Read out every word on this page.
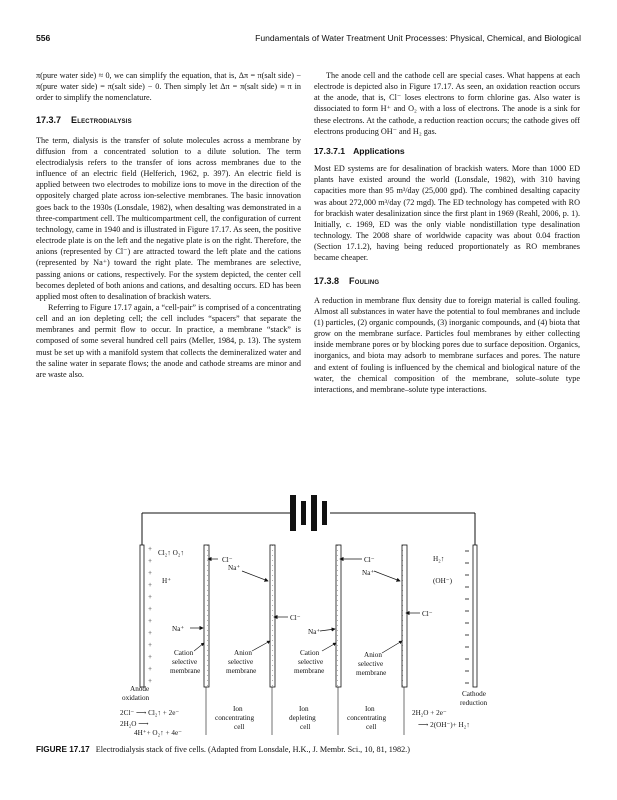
556	Fundamentals of Water Treatment Unit Processes: Physical, Chemical, and Biological

π(pure water side) ≈ 0, we can simplify the equation, that is, Δπ = π(salt side) − π(pure water side) = π(salt side) − 0. Then simply let Δπ = π(salt side) ≡ π in order to simplify the nomenclature.

17.3.7 Electrodialysis

The term, dialysis is the transfer of solute molecules across a membrane by diffusion from a concentrated solution to a dilute solution. The term electrodialysis refers to the transfer of ions across membranes due to the influence of an electric field (Helferich, 1962, p. 397). An electric field is applied between two electrodes to mobilize ions to move in the direction of the oppositely charged plate across ion-selective membranes. The basic innovation goes back to the 1930s (Lonsdale, 1982), when desalting was demonstrated in a three-compartment cell. The multicompartment cell, the configuration of current technology, came in 1940 and is illustrated in Figure 17.17. As seen, the positive electrode plate is on the left and the negative plate is on the right. Therefore, the anions (represented by Cl⁻) are attracted toward the left plate and the cations (represented by Na⁺) toward the right plate. The membranes are selective, passing anions or cations, respectively. For the system depicted, the center cell becomes depleted of both anions and cations, and desalting occurs. ED has been applied most often to desalination of brackish waters.

Referring to Figure 17.17 again, a “cell-pair” is comprised of a concentrating cell and an ion depleting cell; the cell includes “spacers” that separate the membranes and permit flow to occur. In practice, a membrane “stack” is composed of some several hundred cell pairs (Meller, 1984, p. 13). The system must be set up with a manifold system that collects the demineralized water and the saline water in separate flows; the anode and cathode streams are minor and are waste also.

The anode cell and the cathode cell are special cases. What happens at each electrode is depicted also in Figure 17.17. As seen, an oxidation reaction occurs at the anode, that is, Cl⁻ loses electrons to form chlorine gas. Also water is dissociated to form H⁺ and O₂ with a loss of electrons. The anode is a sink for these electrons. At the cathode, a reduction reaction occurs; the cathode gives off electrons producing OH⁻ and H₂ gas.

17.3.7.1 Applications

Most ED systems are for desalination of brackish waters. More than 1000 ED plants have existed around the world (Lonsdale, 1982), with 310 having capacities more than 95 m³/day (25,000 gpd). The combined desalting capacity was about 272,000 m³/day (72 mgd). The ED technology has competed with RO for brackish water desalinization since the first plant in 1969 (Reahl, 2006, p. 1). Initially, c. 1969, ED was the only viable nondistillation type desalination technology. The 2008 share of worldwide capacity was about 0.04 fraction (Section 17.1.2), having being reduced proportionately as RO membranes became cheaper.

17.3.8 Fouling

A reduction in membrane flux density due to foreign material is called fouling. Almost all substances in water have the potential to foul membranes and include (1) particles, (2) organic compounds, (3) inorganic compounds, and (4) biota that grow on the membrane surface. Particles foul membranes by either collecting inside membrane pores or by blocking pores due to surface deposition. Organics, inorganics, and biota may adsorb to membrane surfaces and pores. The nature and extent of fouling is influenced by the chemical and biological nature of the water, the chemical composition of the membrane, solute–solute type interactions, and membrane–solute type interactions.

+
+
+
+
+
+
+
+
+
+
+
+
Cl₂↑ O₂↑
H₂↑
H⁺	(OH⁻)
Cl⁻
Na⁺
Cl⁻
Na⁺
Cl⁻	Cl⁻
Na⁺	Na⁺
Cation
selective
membrane
Anion
selective
membrane
Cation
selective
membrane
Anion
selective
membrane
Anode
oxidation	Cathode
reduction
2Cl⁻ ⟶ Cl₂↑ + 2e⁻
2H₂O ⟶
4H⁺+ O₂↑ + 4e⁻
2H₂O + 2e⁻
⟶ 2(OH⁻)+ H₂↑
Ion
concentrating
cell
Ion
depleting
cell
Ion
concentrating
cell
FIGURE 17.17 Electrodialysis stack of five cells. (Adapted from Lonsdale, H.K., J. Membr. Sci., 10, 81, 1982.)
